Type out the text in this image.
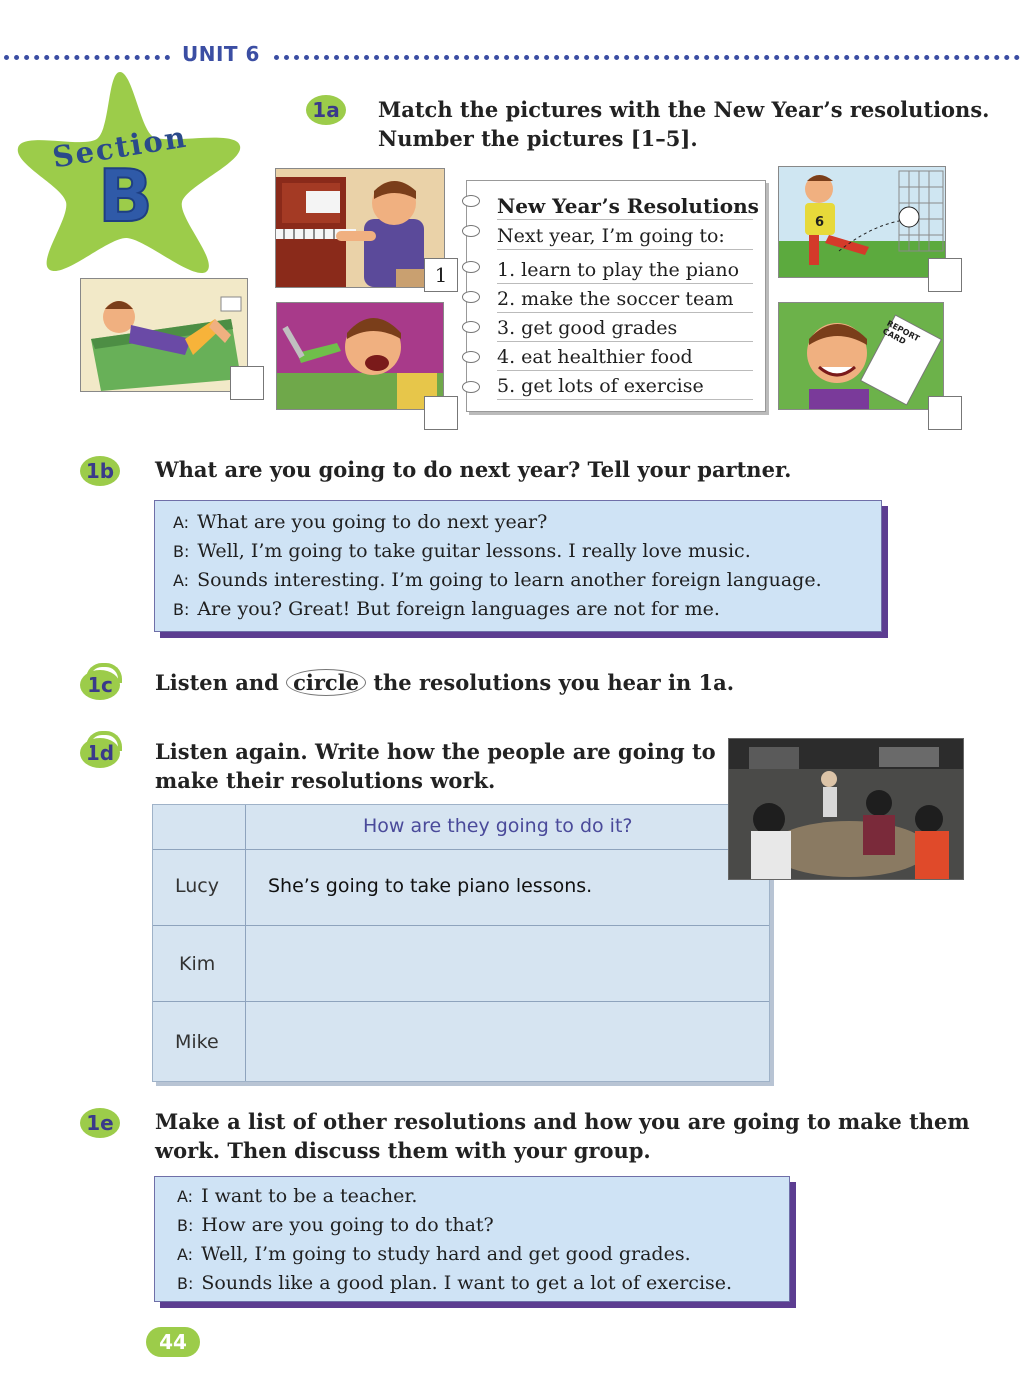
UNIT 6
Section
B
1a Match the pictures with the New Year’s resolutions.
Number the pictures [1–5].
1
New Year’s Resolutions
Next year, I’m going to:
1. learn to play the piano
2. make the soccer team
3. get good grades
4. eat healthier food
5. get lots of exercise
6
REPORT CARD
1b What are you going to do next year? Tell your partner.
A: What are you going to do next year?
B: Well, I’m going to take guitar lessons. I really love music.
A: Sounds interesting. I’m going to learn another foreign language.
B: Are you? Great! But foreign languages are not for me.
1c	Listen and circle the resolutions you hear in 1a.
1d Listen again. Write how the people are going to
make their resolutions work.
How are they going to do it?
Lucy	She’s going to take piano lessons.
Kim
Mike
1e Make a list of other resolutions and how you are going to make them
work. Then discuss them with your group.
A: I want to be a teacher.
B: How are you going to do that?
A: Well, I’m going to study hard and get good grades.
B: Sounds like a good plan. I want to get a lot of exercise.
44
